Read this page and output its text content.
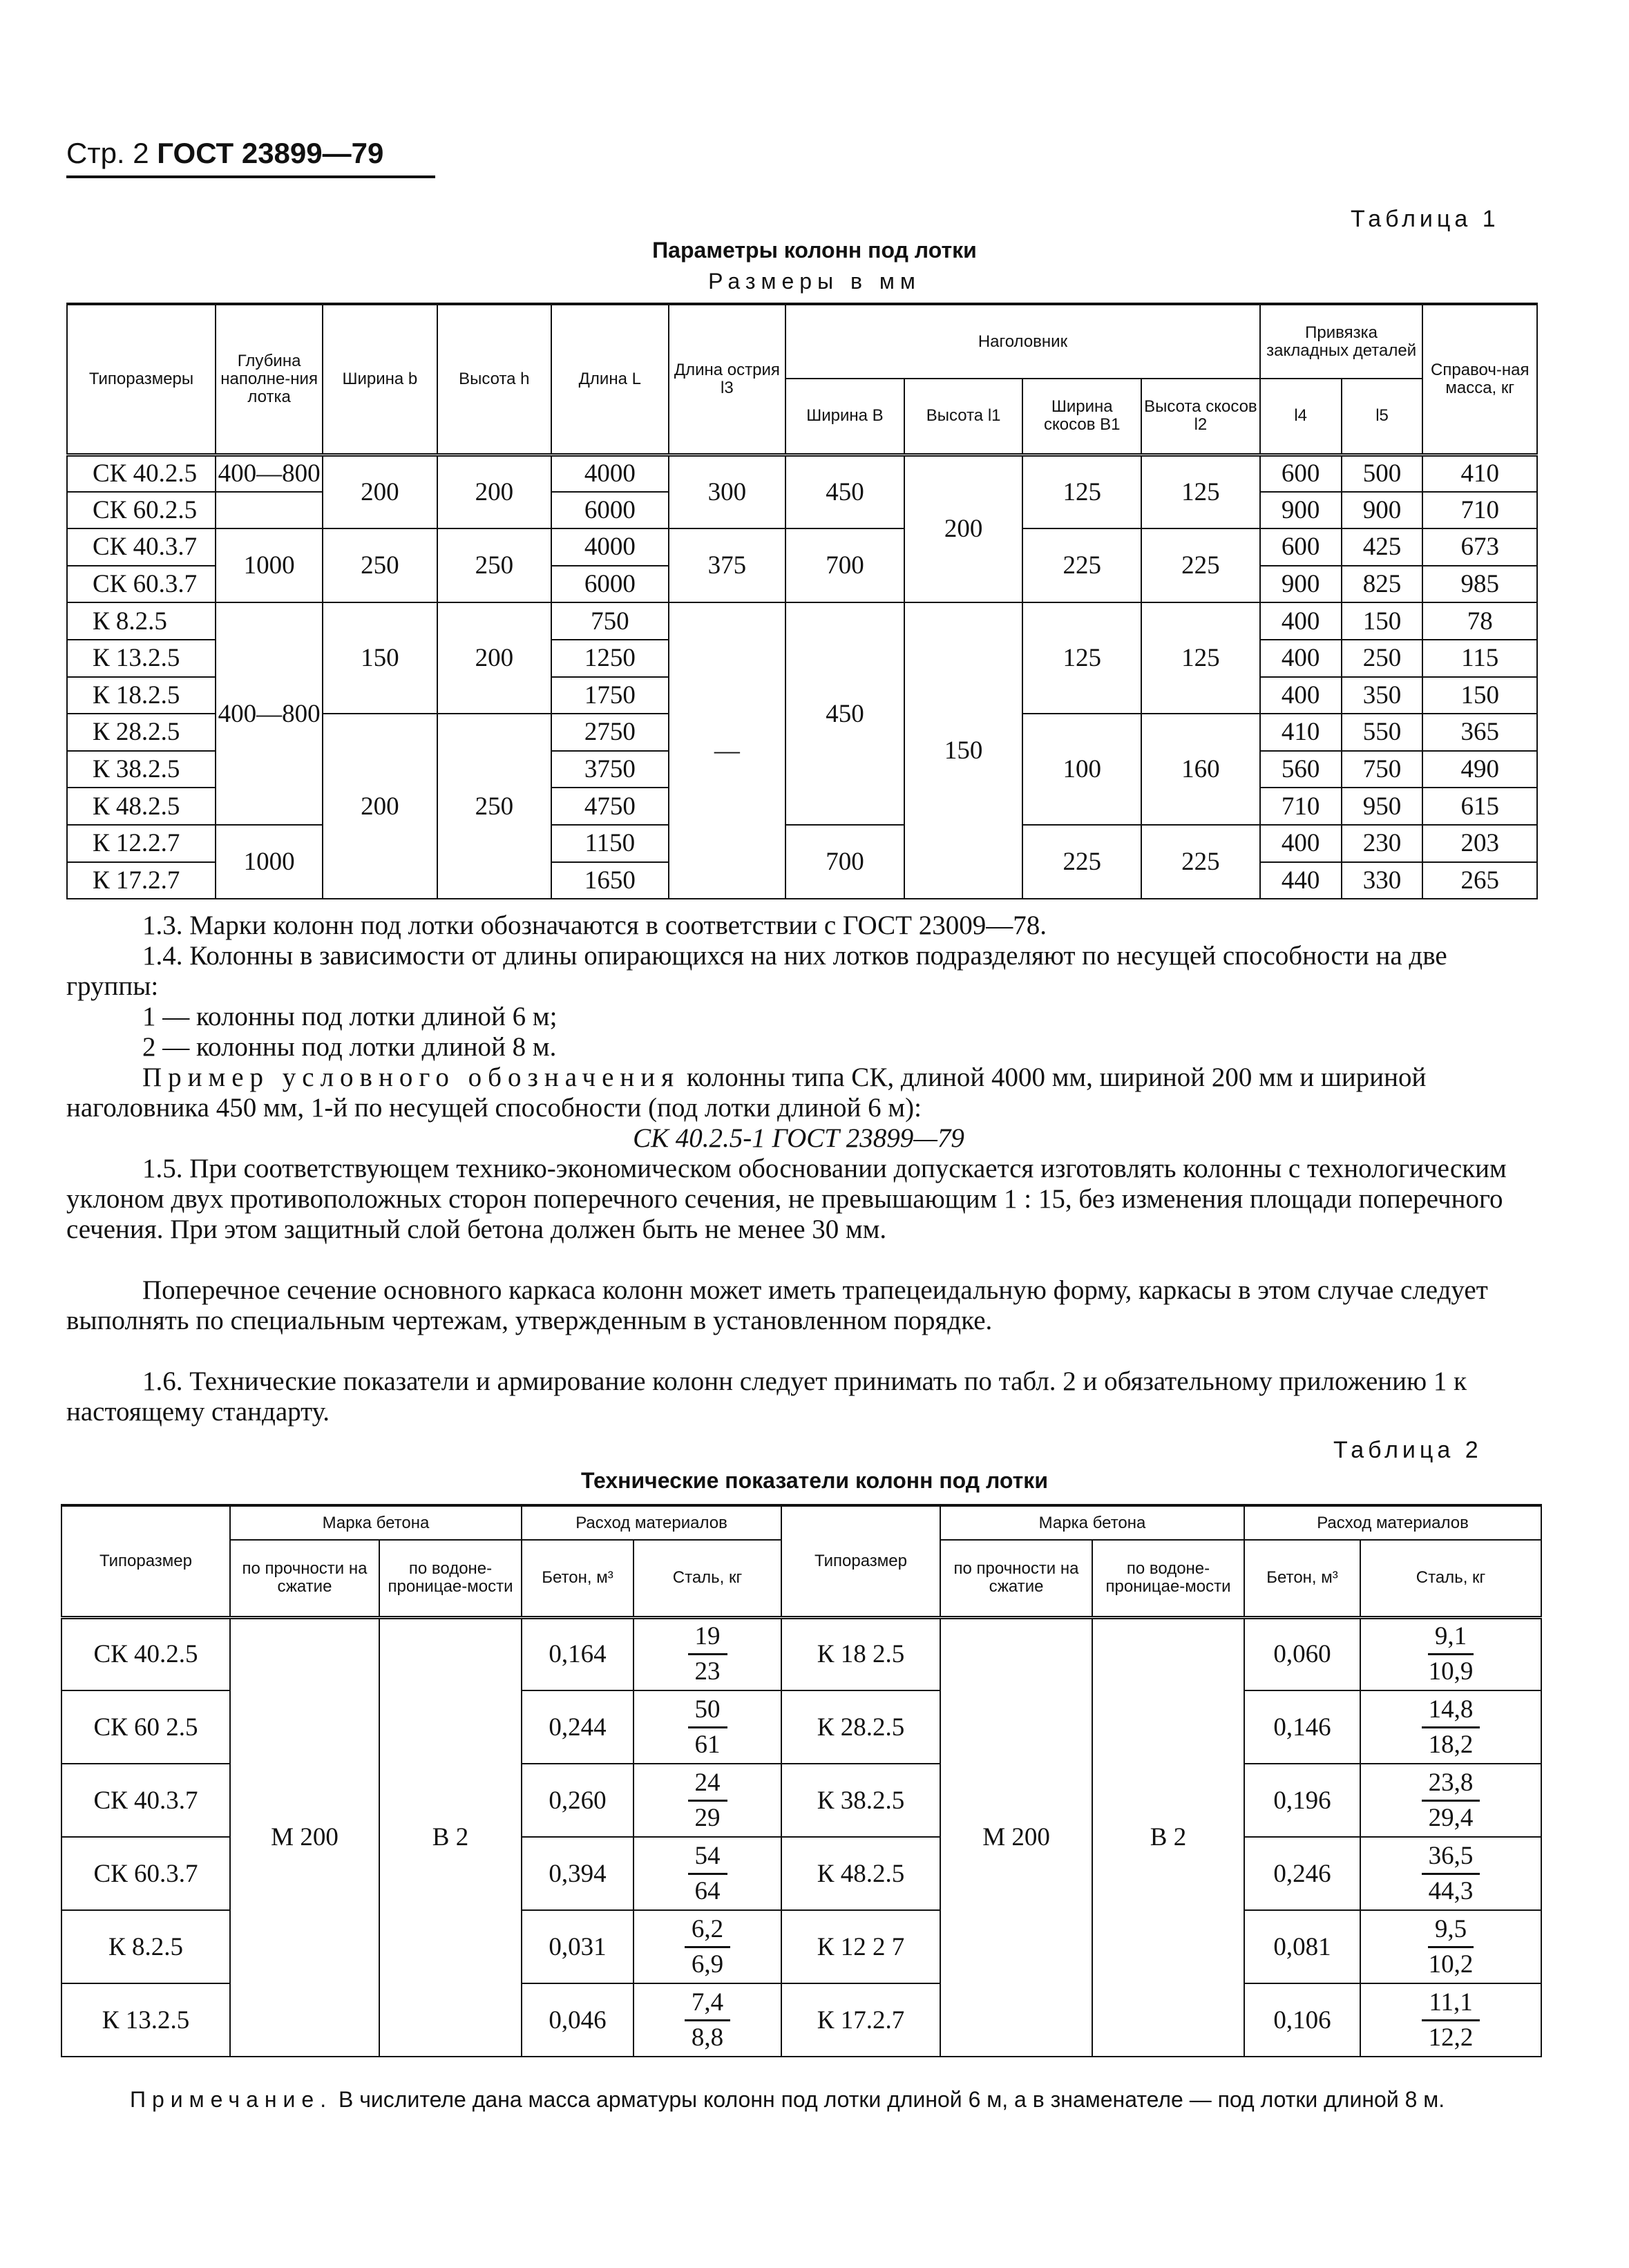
Стр. 2 ГОСТ 23899—79
Таблица 1
Параметры колонн под лотки
Размеры в мм
Типоразмеры	Глубина наполне-ния лотка	Ширина b	Высота h	Длина L	Длина острия l3	Наголовник				Привязка закладных деталей		Справоч-ная масса, кг
						Ширина B	Высота l1	Ширина скосов B1	Высота скосов l2	l4	l5	
СК 40.2.5	400—800	200	200	4000	300	450	200	125	125	600	500	410
СК 60.2.5				6000						900	900	710
СК 40.3.7	1000	250	250	4000	375	700		225	225	600	425	673
СК 60.3.7				6000						900	825	985
К 8.2.5	400—800	150	200	750	—	450	150	125	125	400	150	78
К 13.2.5				1250						400	250	115
К 18.2.5				1750						400	350	150
К 28.2.5		200	250	2750				100	160	410	550	365
К 38.2.5				3750						560	750	490
К 48.2.5				4750						710	950	615
К 12.2.7	1000			1150		700		225	225	400	230	203
К 17.2.7				1650						440	330	265
1.3. Марки колонн под лотки обозначаются в соответствии с ГОСТ 23009—78.
1.4. Колонны в зависимости от длины опирающихся на них лотков подразделяют по несущей способности на две группы:
1 — колонны под лотки длиной 6 м;
2 — колонны под лотки длиной 8 м.
Пример условного обозначения колонны типа СК, длиной 4000 мм, шириной 200 мм и шириной наголовника 450 мм, 1-й по несущей способности (под лотки длиной 6 м):
СК 40.2.5-1 ГОСТ 23899—79
1.5. При соответствующем технико-экономическом обосновании допускается изготовлять колонны с технологическим уклоном двух противоположных сторон поперечного сечения, не превышающим 1 : 15, без изменения площади поперечного сечения. При этом защитный слой бетона должен быть не менее 30 мм.
Поперечное сечение основного каркаса колонн может иметь трапецеидальную форму, каркасы в этом случае следует выполнять по специальным чертежам, утвержденным в установленном порядке.
1.6. Технические показатели и армирование колонн следует принимать по табл. 2 и обязательному приложению 1 к настоящему стандарту.
Таблица 2
Технические показатели колонн под лотки
Типоразмер	Марка бетона		Расход материалов		Типоразмер	Марка бетона		Расход материалов	
	по прочности на сжатие	по водоне-проницае-мости	Бетон, м³	Сталь, кг		по прочности на сжатие	по водоне-проницае-мости	Бетон, м³	Сталь, кг
СК 40.2.5	М 200	В 2	0,164	$\frac{19}{23}$	К 18 2.5	М 200	В 2	0,060	$\frac{9,1}{10,9}$

СК 60 2.5			0,244	$\frac{50}{61}$	К 28.2.5			0,146	$\frac{14,8}{18,2}$

СК 40.3.7			0,260	$\frac{24}{29}$	К 38.2.5			0,196	$\frac{23,8}{29,4}$

СК 60.3.7			0,394	$\frac{54}{64}$	К 48.2.5			0,246	$\frac{36,5}{44,3}$

К 8.2.5			0,031	$\frac{6,2}{6,9}$	К 12 2 7			0,081	$\frac{9,5}{10,2}$

К 13.2.5			0,046	$\frac{7,4}{8,8}$	К 17.2.7			0,106	$\frac{11,1}{12,2}$
Примечание. В числителе дана масса арматуры колонн под лотки длиной 6 м, а в знаменателе — под лотки длиной 8 м.
